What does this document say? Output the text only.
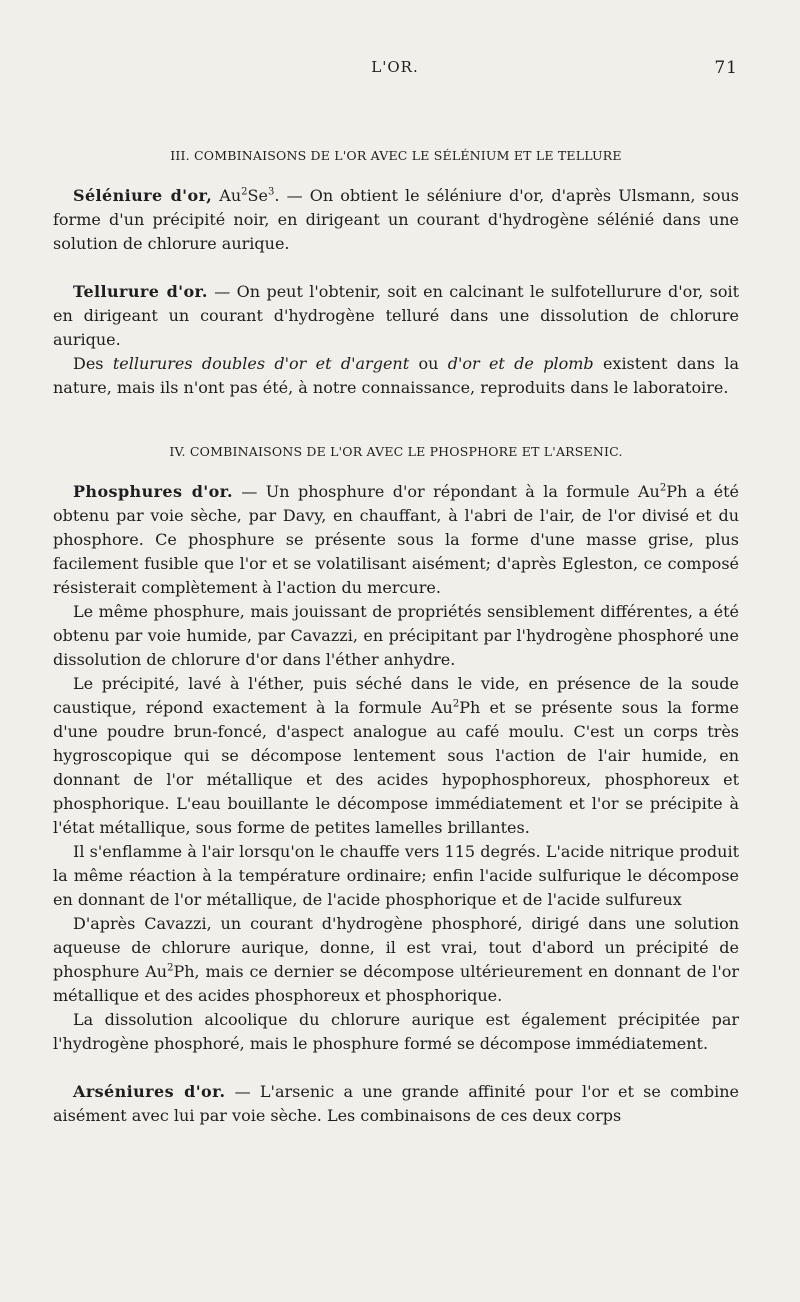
L'OR.	71
III. COMBINAISONS DE L'OR AVEC LE SÉLÉNIUM ET LE TELLURE

Séléniure d'or, Au$^2$Se$^3$. — On obtient le séléniure d'or, d'après Ulsmann, sous forme d'un précipité noir, en dirigeant un courant d'hydrogène sélénié dans une solution de chlorure aurique.

Tellurure d'or. — On peut l'obtenir, soit en calcinant le sulfotellurure d'or, soit en dirigeant un courant d'hydrogène telluré dans une dissolution de chlorure aurique.

Des tellurures doubles d'or et d'argent ou d'or et de plomb existent dans la nature, mais ils n'ont pas été, à notre connaissance, reproduits dans le laboratoire.

IV. COMBINAISONS DE L'OR AVEC LE PHOSPHORE ET L'ARSENIC.

Phosphures d'or. — Un phosphure d'or répondant à la formule Au$^2$Ph a été obtenu par voie sèche, par Davy, en chauffant, à l'abri de l'air, de l'or divisé et du phosphore. Ce phosphure se présente sous la forme d'une masse grise, plus facilement fusible que l'or et se volatilisant aisément; d'après Egleston, ce composé résisterait complètement à l'action du mercure.

Le même phosphure, mais jouissant de propriétés sensiblement différentes, a été obtenu par voie humide, par Cavazzi, en précipitant par l'hydrogène phosphoré une dissolution de chlorure d'or dans l'éther anhydre.

Le précipité, lavé à l'éther, puis séché dans le vide, en présence de la soude caustique, répond exactement à la formule Au$^2$Ph et se présente sous la forme d'une poudre brun-foncé, d'aspect analogue au café moulu. C'est un corps très hygroscopique qui se décompose lentement sous l'action de l'air humide, en donnant de l'or métallique et des acides hypophosphoreux, phosphoreux et phosphorique. L'eau bouillante le décompose immédiatement et l'or se précipite à l'état métallique, sous forme de petites lamelles brillantes.

Il s'enflamme à l'air lorsqu'on le chauffe vers 115 degrés. L'acide nitrique produit la même réaction à la température ordinaire; enfin l'acide sulfurique le décompose en donnant de l'or métallique, de l'acide phosphorique et de l'acide sulfureux

D'après Cavazzi, un courant d'hydrogène phosphoré, dirigé dans une solution aqueuse de chlorure aurique, donne, il est vrai, tout d'abord un précipité de phosphure Au$^2$Ph, mais ce dernier se décompose ultérieurement en donnant de l'or métallique et des acides phosphoreux et phosphorique.

La dissolution alcoolique du chlorure aurique est également précipitée par l'hydrogène phosphoré, mais le phosphure formé se décompose immédiatement.

Arséniures d'or. — L'arsenic a une grande affinité pour l'or et se combine aisément avec lui par voie sèche. Les combinaisons de ces deux corps
